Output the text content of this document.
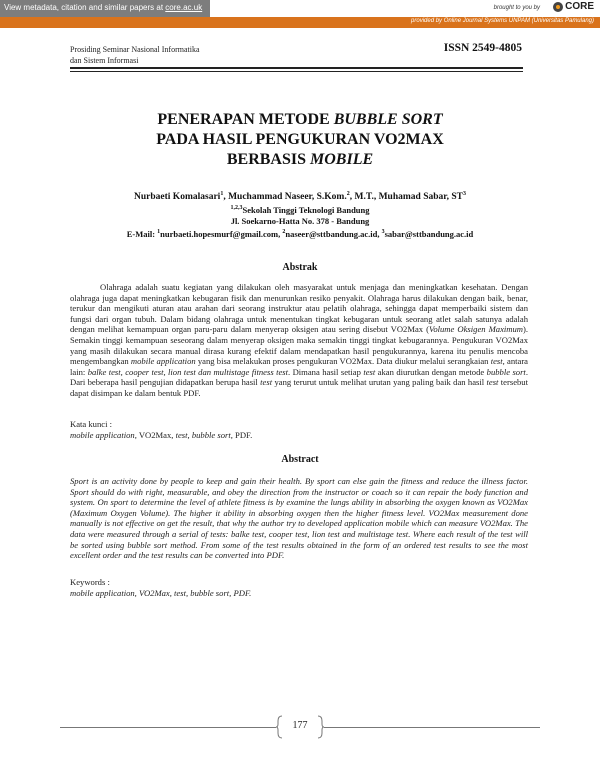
View metadata, citation and similar papers at core.ac.uk	brought to you by	CORE
provided by Online Journal Systems UNPAM (Universitas Pamulang)
Prosiding Seminar Nasional Informatika
dan Sistem Informasi
ISSN 2549-4805
PENERAPAN METODE BUBBLE SORT
PADA HASIL PENGUKURAN VO2MAX
BERBASIS MOBILE
Nurbaeti Komalasari$^1$, Muchammad Naseer, S.Kom.$^2$, M.T., Muhamad Sabar, $ST^3$
$^{1,2,3}$Sekolah Tinggi Teknologi Bandung
Jl. Soekarno-Hatta No. 378 - Bandung
E-Mail: $^1$nurbaeti.hopesmurf@gmail.com, $^2$naseer@sttbandung.ac.id, $^3$sabar@sttbandung.ac.id
Abstrak
Olahraga adalah suatu kegiatan yang dilakukan oleh masyarakat untuk menjaga dan meningkatkan kesehatan. Dengan olahraga juga dapat meningkatkan kebugaran fisik dan menurunkan resiko penyakit. Olahraga harus dilakukan dengan baik, benar, terukur dan mengikuti aturan atau arahan dari seorang instruktur atau pelatih olahraga, sehingga dapat memperbaiki sistem dan fungsi dari organ tubuh. Dalam bidang olahraga untuk menentukan tingkat kebugaran untuk seorang atlet salah satunya adalah dengan melihat kemampuan organ paru-paru dalam menyerap oksigen atau sering disebut VO2Max (Volume Oksigen Maximum). Semakin tinggi kemampuan seseorang dalam menyerap oksigen maka semakin tinggi tingkat kebugarannya. Pengukuran VO2Max yang masih dilakukan secara manual dirasa kurang efektif dalam mendapatkan hasil pengukurannya, karena itu penulis mencoba mengembangkan mobile application yang bisa melakukan proses pengukuran VO2Max. Data diukur melalui serangkaian test, antara lain: balke test, cooper test, lion test dan multistage fitness test. Dimana hasil setiap test akan diurutkan dengan metode bubble sort. Dari beberapa hasil pengujian didapatkan berupa hasil test yang terurut untuk melihat urutan yang paling baik dan hasil test tersebut dapat disimpan ke dalam bentuk PDF.
Kata kunci :
mobile application, VO2Max, test, bubble sort, PDF.
Abstract
Sport is an activity done by people to keep and gain their health. By sport can else gain the fitness and reduce the illness factor. Sport should do with right, measurable, and obey the direction from the instructor or coach so it can repair the body function and system. On sport to determine the level of athlete fitness is by examine the lungs ability in absorbing the oxygen known as VO2Max (Maximum Oxygen Volume). The higher it ability in absorbing oxygen then the higher fitness level. VO2Max measurement done manually is not effective on get the result, that why the author try to developed application mobile which can measure VO2Max. The data were measured through a serial of tests: balke test, cooper test, lion test and multistage test. Where each result of the test will be sorted using bubble sort method. From some of the test results obtained in the form of an ordered test results to see the most excellent order and the test results can be converted into PDF.
Keywords :
mobile application, VO2Max, test, bubble sort, PDF.
177
